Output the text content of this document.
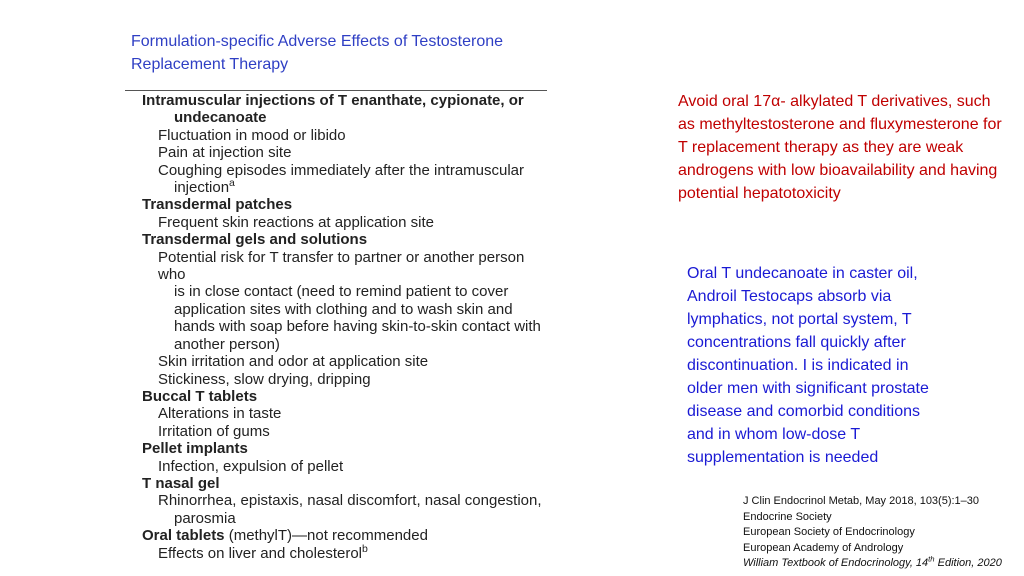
Formulation-specific Adverse Effects of Testosterone Replacement Therapy
Intramuscular injections of T enanthate, cypionate, or
undecanoate
Fluctuation in mood or libido
Pain at injection site
Coughing episodes immediately after the intramuscular
injection$^a$
Transdermal patches
Frequent skin reactions at application site
Transdermal gels and solutions
Potential risk for T transfer to partner or another person who
is in close contact (need to remind patient to cover
application sites with clothing and to wash skin and
hands with soap before having skin-to-skin contact with
another person)
Skin irritation and odor at application site
Stickiness, slow drying, dripping
Buccal T tablets
Alterations in taste
Irritation of gums
Pellet implants
Infection, expulsion of pellet
T nasal gel
Rhinorrhea, epistaxis, nasal discomfort, nasal congestion,
parosmia
Oral tablets (methylT)—not recommended
Effects on liver and cholesterol$^b$
Avoid oral 17α- alkylated T derivatives, such as methyltestosterone and fluxymesterone for T replacement therapy as they are weak androgens with low bioavailability and having potential hepatotoxicity
Oral T undecanoate in caster oil, Androil Testocaps absorb via lymphatics, not portal system, T concentrations fall quickly after discontinuation. I is indicated in older men with significant prostate disease and comorbid conditions and in whom low-dose T supplementation is needed
J Clin Endocrinol Metab, May 2018, 103(5):1–30
Endocrine Society
European Society of Endocrinology
European Academy of Andrology
William Textbook of Endocrinology, 14th Edition, 2020
